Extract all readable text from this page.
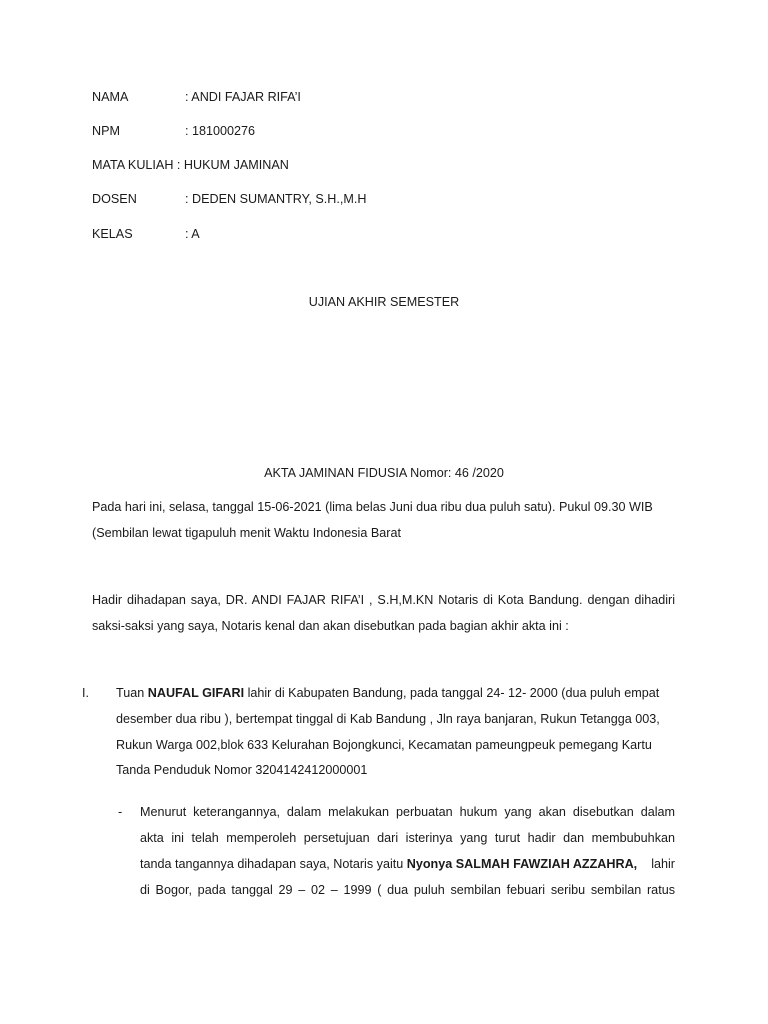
NAMA	: ANDI FAJAR RIFA’I
NPM	: 181000276
MATA KULIAH : HUKUM JAMINAN
DOSEN	: DEDEN SUMANTRY, S.H.,M.H
KELAS	: A
UJIAN AKHIR SEMESTER
AKTA JAMINAN FIDUSIA Nomor: 46 /2020
Pada hari ini, selasa, tanggal 15-06-2021 (lima belas Juni dua ribu dua puluh satu). Pukul 09.30 WIB
(Sembilan lewat tigapuluh menit Waktu Indonesia Barat
Hadir dihadapan saya, DR. ANDI FAJAR RIFA’I , S.H,M.KN Notaris di Kota Bandung. dengan dihadiri
saksi-saksi yang saya, Notaris kenal dan akan disebutkan pada bagian akhir akta ini :
I. Tuan NAUFAL GIFARI lahir di Kabupaten Bandung, pada tanggal 24- 12- 2000 (dua puluh empat
desember dua ribu ), bertempat tinggal di Kab Bandung , Jln raya banjaran, Rukun Tetangga 003,
Rukun Warga 002,blok 633 Kelurahan Bojongkunci, Kecamatan pameungpeuk pemegang Kartu
Tanda Penduduk Nomor 3204142412000001
- Menurut keterangannya, dalam melakukan perbuatan hukum yang akan disebutkan dalam
akta ini telah memperoleh persetujuan dari isterinya yang turut hadir dan membubuhkan
tanda tangannya dihadapan saya, Notaris yaitu Nyonya SALMAH FAWZIAH AZZAHRA, lahir
di Bogor, pada tanggal 29 – 02 – 1999 ( dua puluh sembilan febuari seribu sembilan ratus
